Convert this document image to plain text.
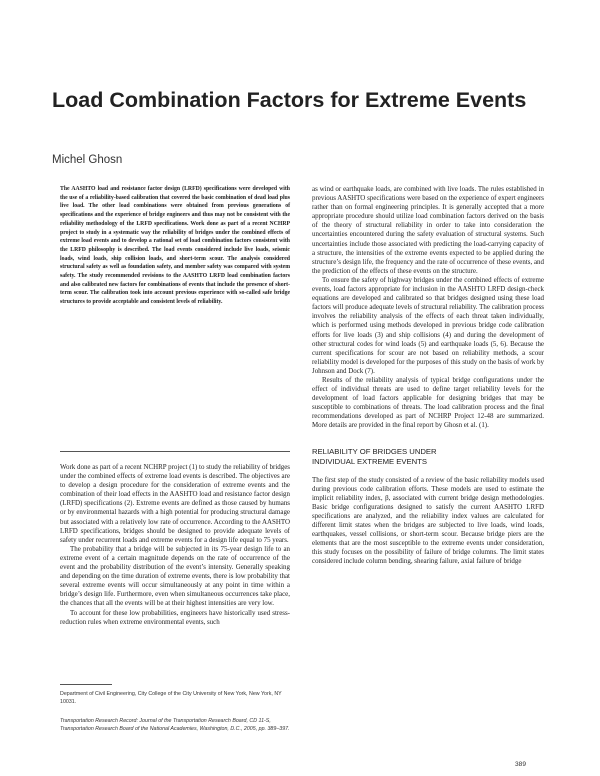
Load Combination Factors for Extreme Events
Michel Ghosn
The AASHTO load and resistance factor design (LRFD) specifications were developed with the use of a reliability-based calibration that covered the basic combination of dead load plus live load. The other load combinations were obtained from previous generations of specifications and the experience of bridge engineers and thus may not be consistent with the reliability methodology of the LRFD specifications. Work done as part of a recent NCHRP project to study in a systematic way the reliability of bridges under the combined effects of extreme load events and to develop a rational set of load combination factors consistent with the LRFD philosophy is described. The load events considered include live loads, seismic loads, wind loads, ship collision loads, and short-term scour. The analysis considered structural safety as well as foundation safety, and member safety was compared with system safety. The study recommended revisions to the AASHTO LRFD load combination factors and also calibrated new factors for combinations of events that include the presence of short-term scour. The calibration took into account previous experience with so-called safe bridge structures to provide acceptable and consistent levels of reliability.

Work done as part of a recent NCHRP project (1) to study the reliability of bridges under the combined effects of extreme load events is described. The objectives are to develop a design procedure for the consideration of extreme events and the combination of their load effects in the AASHTO load and resistance factor design (LRFD) specifications (2). Extreme events are defined as those caused by humans or by environmental hazards with a high potential for producing structural damage but associated with a relatively low rate of occurrence. According to the AASHTO LRFD specifications, bridges should be designed to provide adequate levels of safety under recurrent loads and extreme events for a design life equal to 75 years.

The probability that a bridge will be subjected in its 75-year design life to an extreme event of a certain magnitude depends on the rate of occurrence of the event and the probability distribution of the event’s intensity. Generally speaking and depending on the time duration of extreme events, there is low probability that several extreme events will occur simultaneously at any point in time within a bridge’s design life. Furthermore, even when simultaneous occurrences take place, the chances that all the events will be at their highest intensities are very low.

To account for these low probabilities, engineers have historically used stress-reduction rules when extreme environmental events, such

as wind or earthquake loads, are combined with live loads. The rules established in previous AASHTO specifications were based on the experience of expert engineers rather than on formal engineering principles. It is generally accepted that a more appropriate procedure should utilize load combination factors derived on the basis of the theory of structural reliability in order to take into consideration the uncertainties encountered during the safety evaluation of structural systems. Such uncertainties include those associated with predicting the load-carrying capacity of a structure, the intensities of the extreme events expected to be applied during the structure’s design life, the frequency and the rate of occurrence of these events, and the prediction of the effects of these events on the structure.

To ensure the safety of highway bridges under the combined effects of extreme events, load factors appropriate for inclusion in the AASHTO LRFD design-check equations are developed and calibrated so that bridges designed using these load factors will produce adequate levels of structural reliability. The calibration process involves the reliability analysis of the effects of each threat taken individually, which is performed using methods developed in previous bridge code calibration efforts for live loads (3) and ship collisions (4) and during the development of other structural codes for wind loads (5) and earthquake loads (5, 6). Because the current specifications for scour are not based on reliability methods, a scour reliability model is developed for the purposes of this study on the basis of work by Johnson and Dock (7).

Results of the reliability analysis of typical bridge configurations under the effect of individual threats are used to define target reliability levels for the development of load factors applicable for designing bridges that may be susceptible to combinations of threats. The load calibration process and the final recommendations developed as part of NCHRP Project 12-48 are summarized. More details are provided in the final report by Ghosn et al. (1).

RELIABILITY OF BRIDGES UNDER
INDIVIDUAL EXTREME EVENTS

The first step of the study consisted of a review of the basic reliability models used during previous code calibration efforts. These models are used to estimate the implicit reliability index, β, associated with current bridge design methodologies. Basic bridge configurations designed to satisfy the current AASHTO LRFD specifications are analyzed, and the reliability index values are calculated for different limit states when the bridges are subjected to live loads, wind loads, earthquakes, vessel collisions, or short-term scour. Because bridge piers are the elements that are the most susceptible to the extreme events under consideration, this study focuses on the possibility of failure of bridge columns. The limit states considered include column bending, shearing failure, axial failure of bridge

Department of Civil Engineering, City College of the City University of New York, New York, NY 10031.
Transportation Research Record: Journal of the Transportation Research Board, CD 11-S, Transportation Research Board of the National Academies, Washington, D.C., 2005, pp. 389–397.
389
